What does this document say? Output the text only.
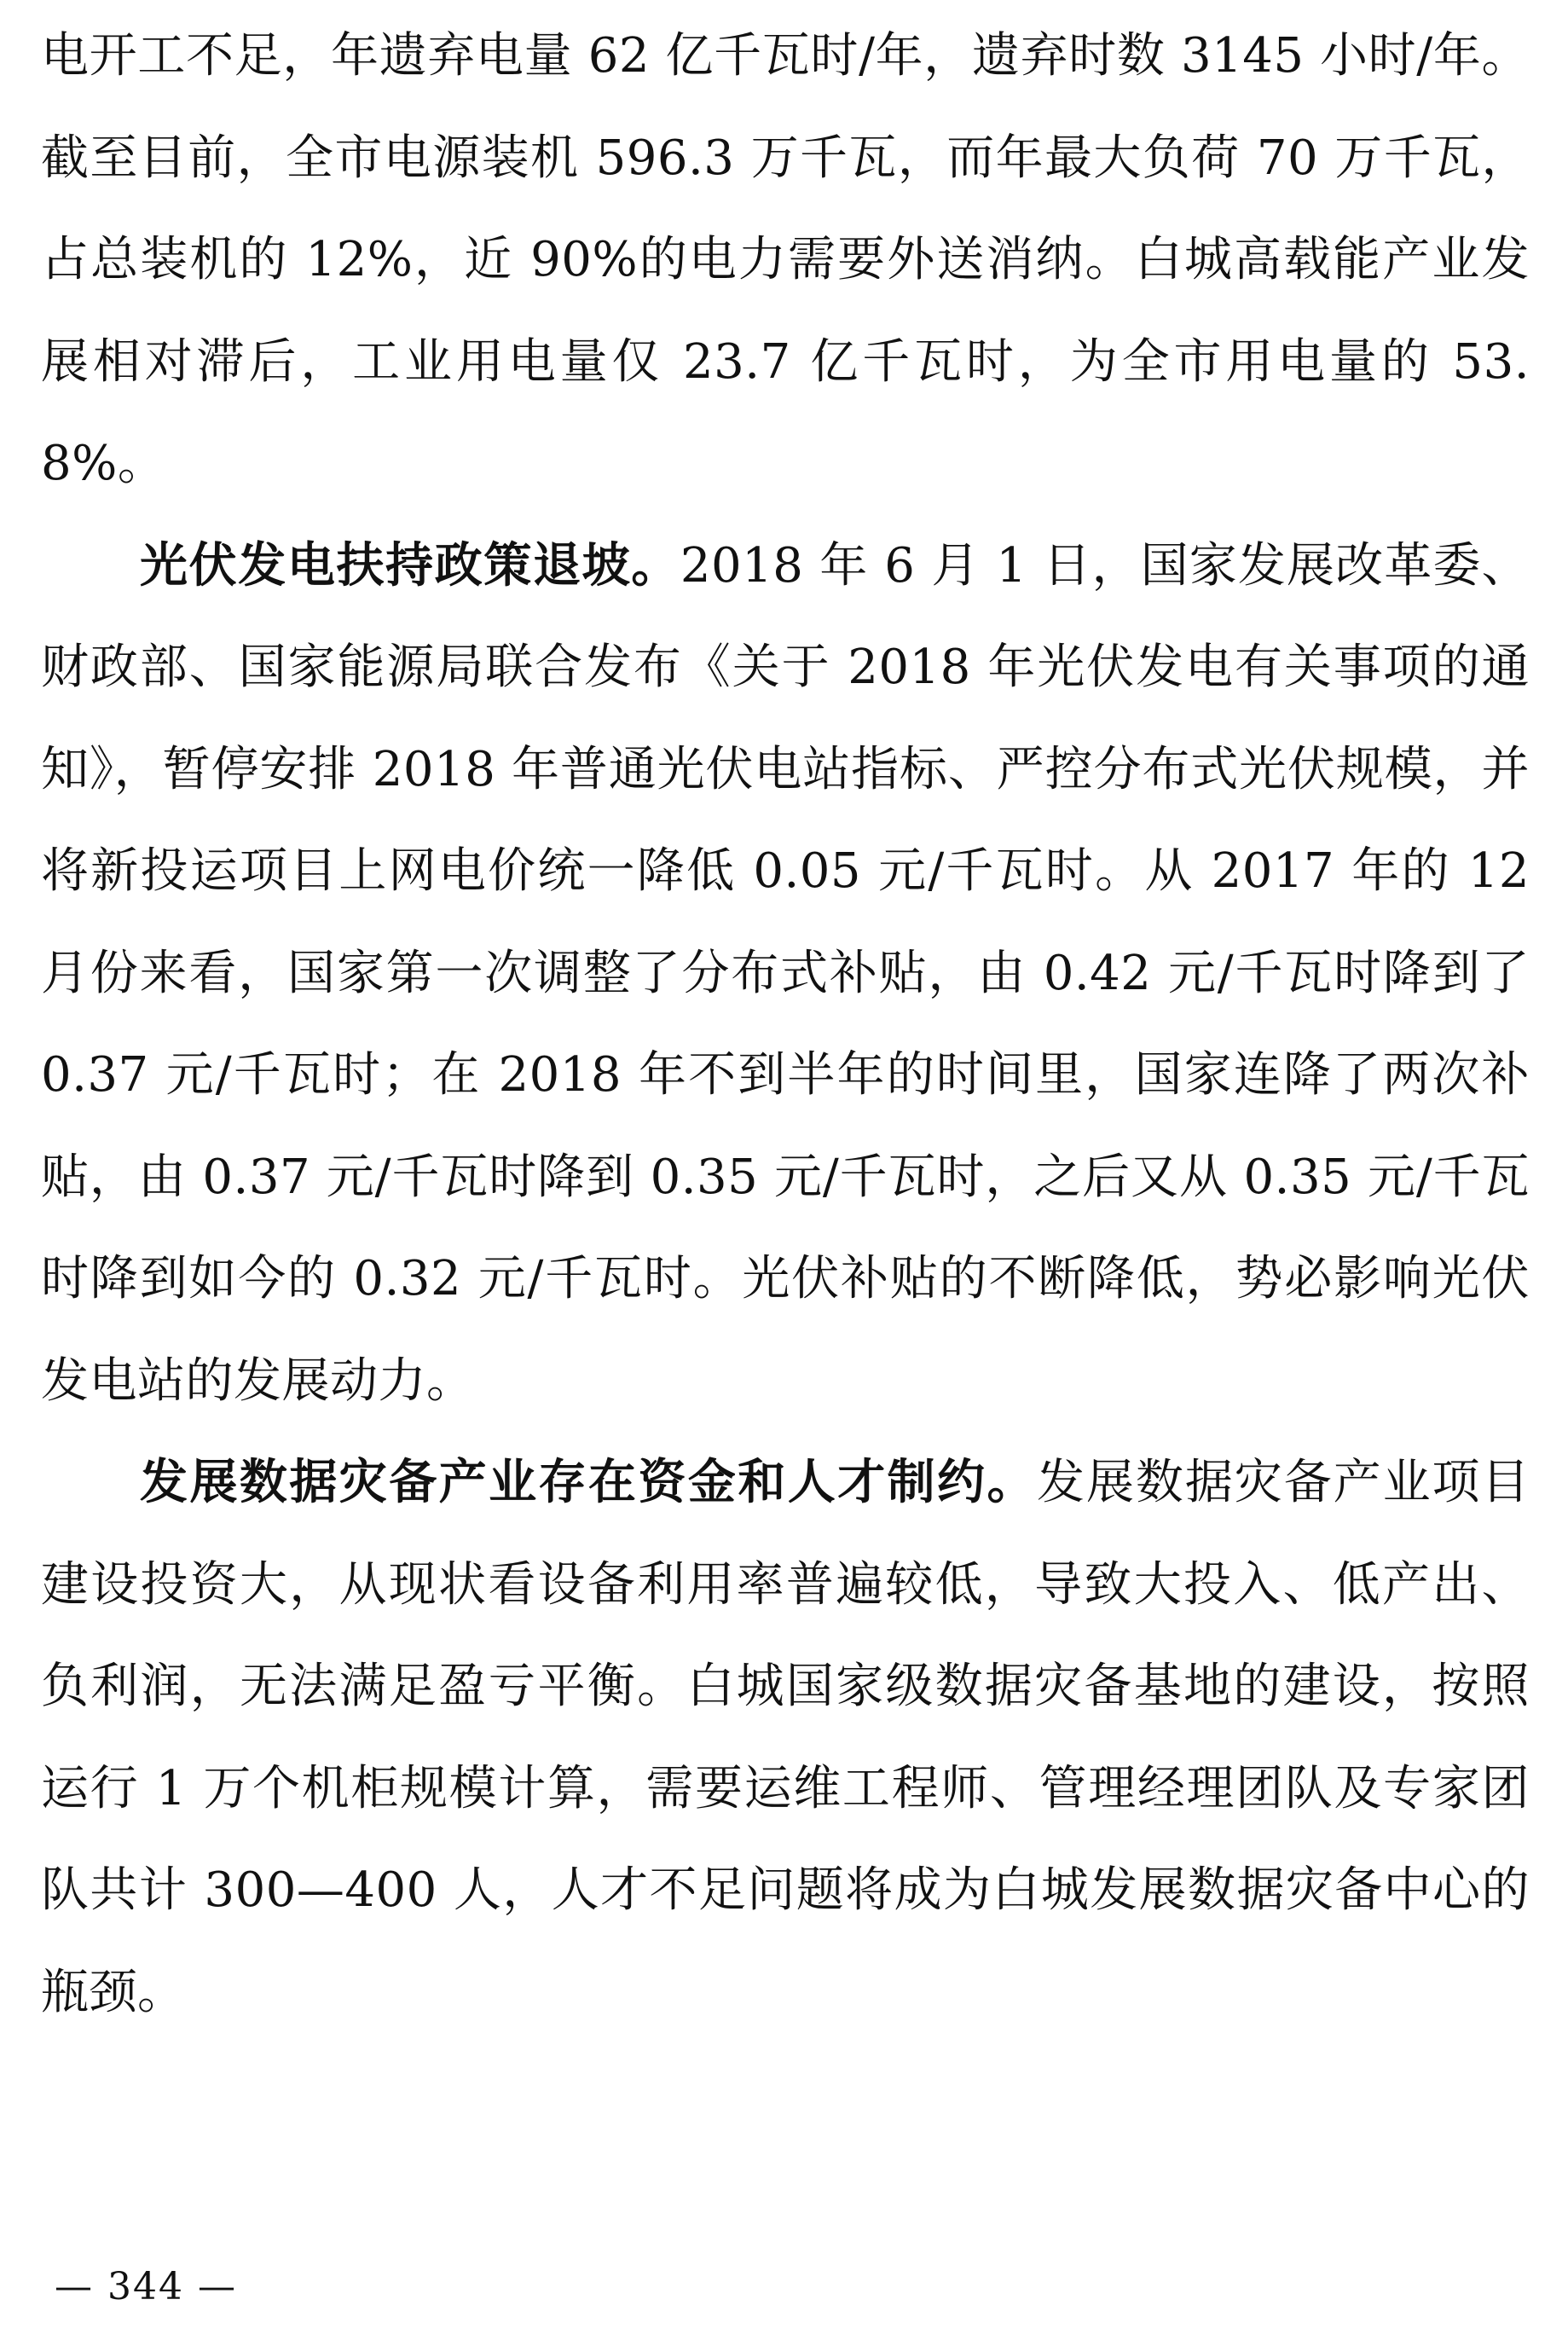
电开工不足，年遗弃电量 62 亿千瓦时/年，遗弃时数 3145 小时/年。截至目前，全市电源装机 596.3 万千瓦，而年最大负荷 70 万千瓦，占总装机的 12%，近 90%的电力需要外送消纳。白城高载能产业发展相对滞后，工业用电量仅 23.7 亿千瓦时，为全市用电量的 53.8%。

光伏发电扶持政策退坡。2018 年 6 月 1 日，国家发展改革委、财政部、国家能源局联合发布《关于 2018 年光伏发电有关事项的通知》，暂停安排 2018 年普通光伏电站指标、严控分布式光伏规模，并将新投运项目上网电价统一降低 0.05 元/千瓦时。从 2017 年的 12 月份来看，国家第一次调整了分布式补贴，由 0.42 元/千瓦时降到了 0.37 元/千瓦时；在 2018 年不到半年的时间里，国家连降了两次补贴，由 0.37 元/千瓦时降到 0.35 元/千瓦时，之后又从 0.35 元/千瓦时降到如今的 0.32 元/千瓦时。光伏补贴的不断降低，势必影响光伏发电站的发展动力。

发展数据灾备产业存在资金和人才制约。发展数据灾备产业项目建设投资大，从现状看设备利用率普遍较低，导致大投入、低产出、负利润，无法满足盈亏平衡。白城国家级数据灾备基地的建设，按照运行 1 万个机柜规模计算，需要运维工程师、管理经理团队及专家团队共计 300—400 人，人才不足问题将成为白城发展数据灾备中心的瓶颈。

— 344 —
